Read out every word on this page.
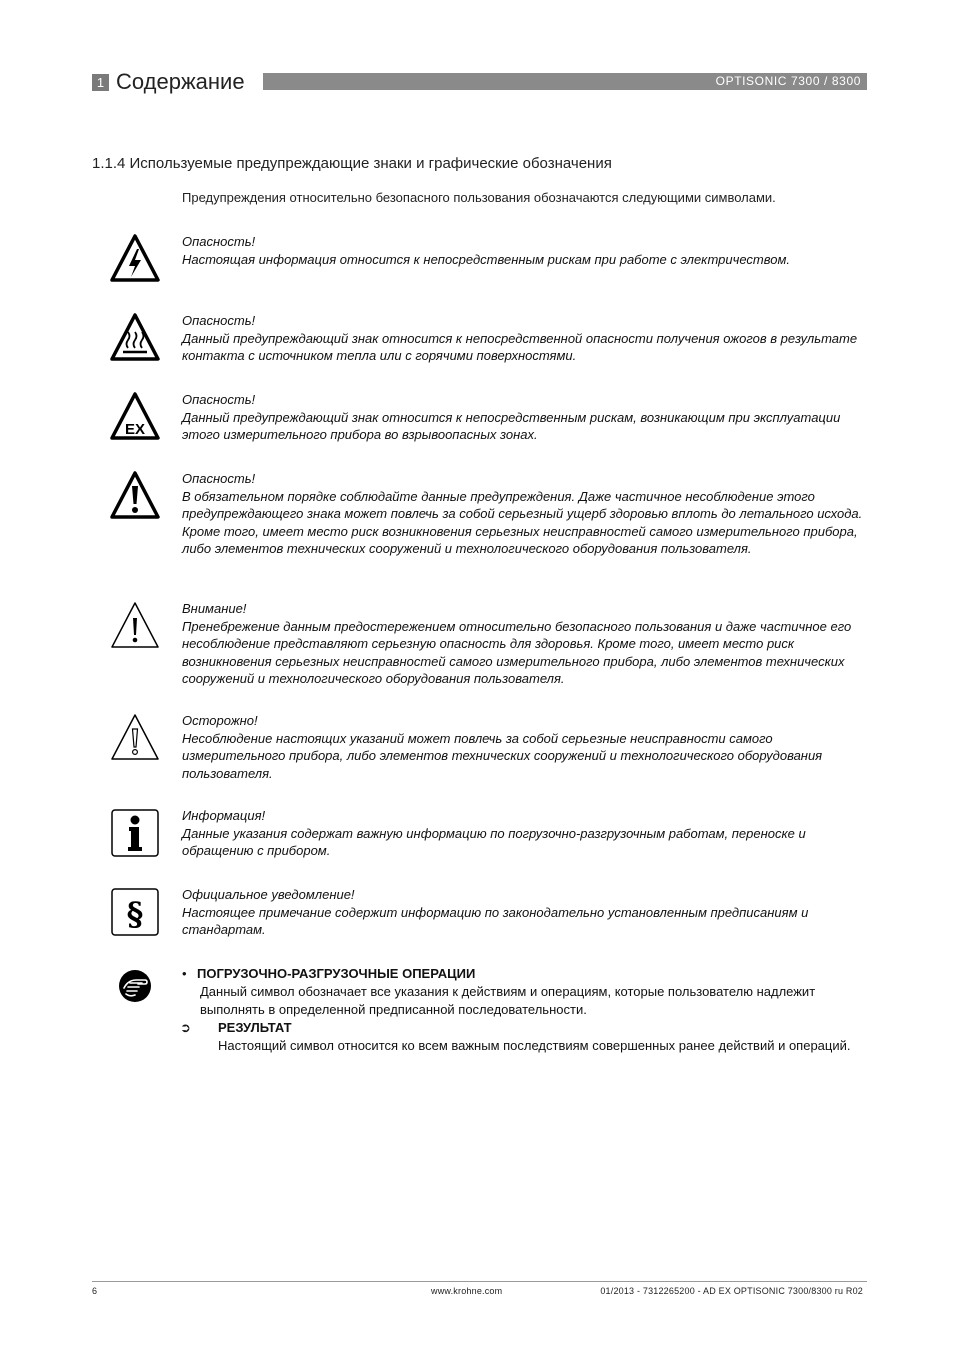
1 Содержание	OPTISONIC 7300 / 8300
1.1.4 Используемые предупреждающие знаки и графические обозначения
Предупреждения относительно безопасного пользования обозначаются следующими символами.
Опасность!
Настоящая информация относится к непосредственным рискам при работе с электричеством.
Опасность!
Данный предупреждающий знак относится к непосредственной опасности получения ожогов в результате контакта с источником тепла или с горячими поверхностями.
EX
Опасность!
Данный предупреждающий знак относится к непосредственным рискам, возникающим при эксплуатации этого измерительного прибора во взрывоопасных зонах.
Опасность!
В обязательном порядке соблюдайте данные предупреждения. Даже частичное несоблюдение этого предупреждающего знака может повлечь за собой серьезный ущерб здоровью вплоть до летального исхода. Кроме того, имеет место риск возникновения серьезных неисправностей самого измерительного прибора, либо элементов технических сооружений и технологического оборудования пользователя.
Внимание!
Пренебрежение данным предостережением относительно безопасного пользования и даже частичное его несоблюдение представляют серьезную опасность для здоровья. Кроме того, имеет место риск возникновения серьезных неисправностей самого измерительного прибора, либо элементов технических сооружений и технологического оборудования пользователя.
Осторожно!
Несоблюдение настоящих указаний может повлечь за собой серьезные неисправности самого измерительного прибора, либо элементов технических сооружений и технологического оборудования пользователя.
Информация!
Данные указания содержат важную информацию по погрузочно-разгрузочным работам, переноске и обращению с прибором.
§
Официальное уведомление!
Настоящее примечание содержит информацию по законодательно установленным предписаниям и стандартам.
• ПОГРУЗОЧНО-РАЗГРУЗОЧНЫЕ ОПЕРАЦИИ
Данный символ обозначает все указания к действиям и операциям, которые пользователю надлежит выполнять в определенной предписанной последовательности.
➲ РЕЗУЛЬТАТ
Настоящий символ относится ко всем важным последствиям совершенных ранее действий и операций.
6	www.krohne.com	01/2013 - 7312265200 - AD EX OPTISONIC 7300/8300 ru R02
